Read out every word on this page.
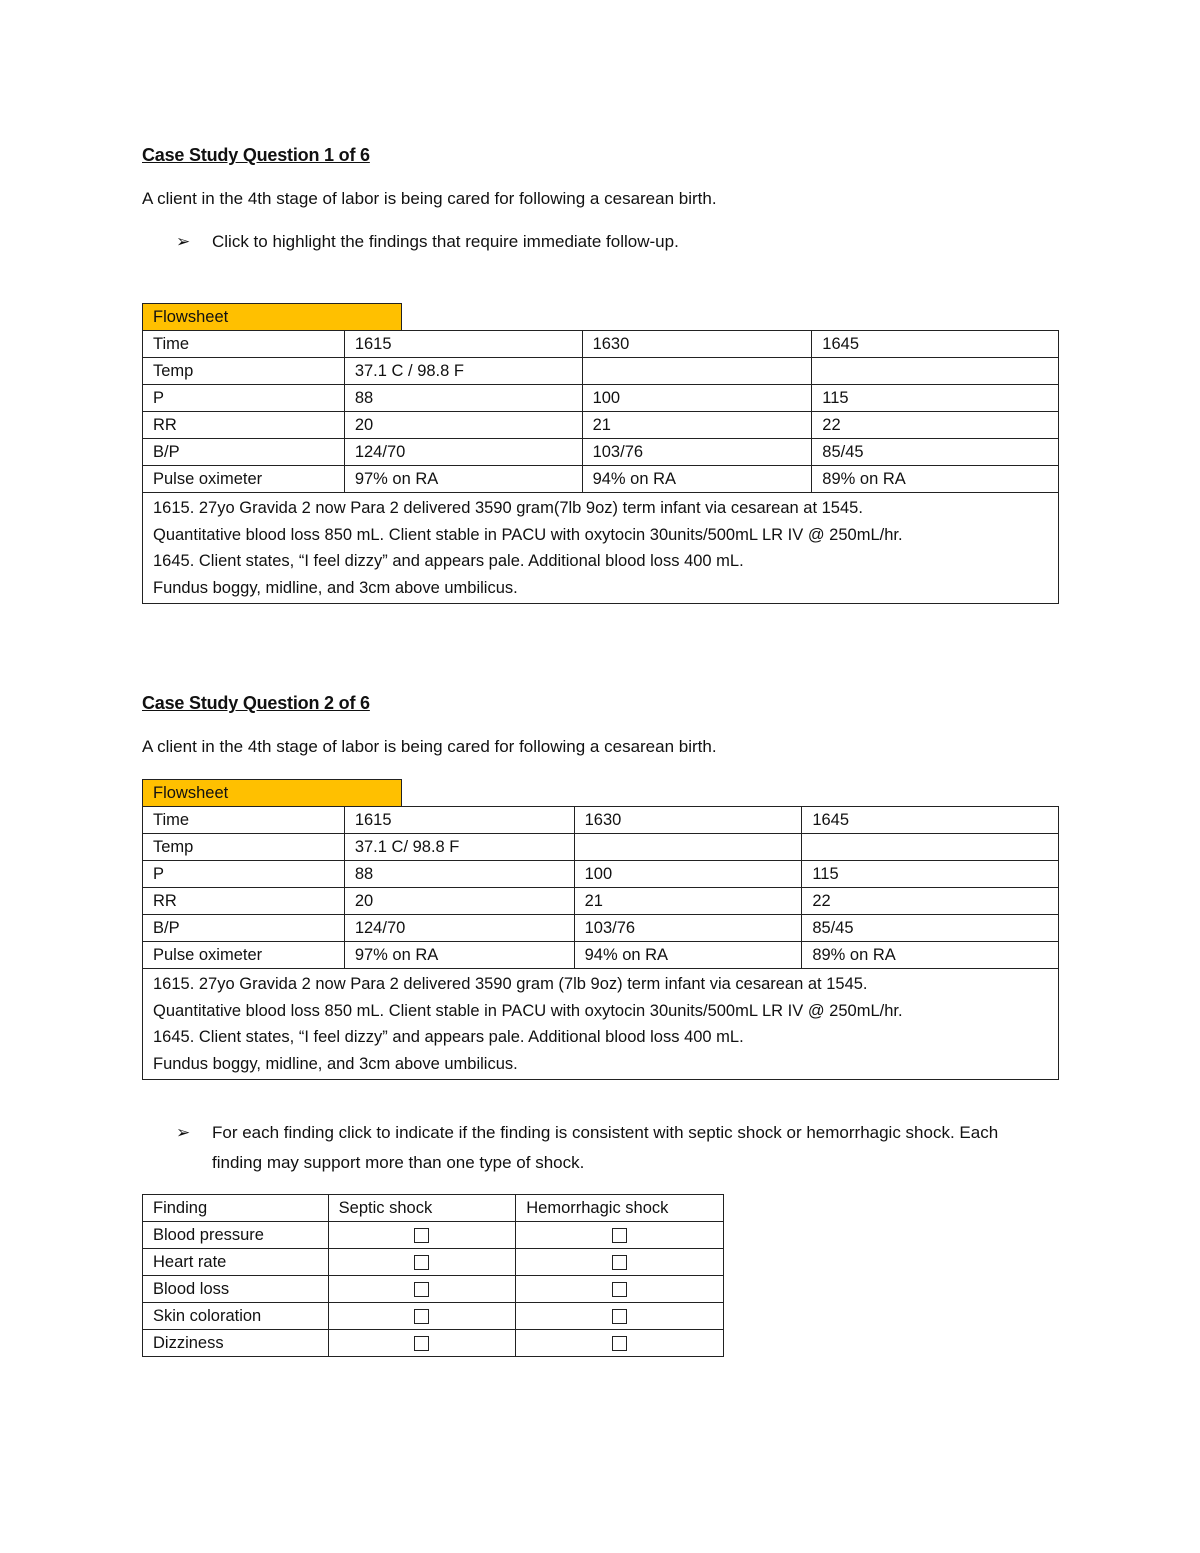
Case Study Question 1 of 6
A client in the 4th stage of labor is being cared for following a cesarean birth.
➢ Click to highlight the findings that require immediate follow-up.
Flowsheet
Time	1615	1630	1645
Temp	37.1 C / 98.8 F		
P	88	100	115
RR	20	21	22
B/P	124/70	103/76	85/45
Pulse oximeter	97% on RA	94% on RA	89% on RA

1615. 27yo Gravida 2 now Para 2 delivered 3590 gram(7lb 9oz) term infant via cesarean at 1545.
Quantitative blood loss 850 mL. Client stable in PACU with oxytocin 30units/500mL LR IV @ 250mL/hr.
1645. Client states, “I feel dizzy” and appears pale. Additional blood loss 400 mL.
Fundus boggy, midline, and 3cm above umbilicus.			
Case Study Question 2 of 6
A client in the 4th stage of labor is being cared for following a cesarean birth.
Flowsheet
Time	1615	1630	1645
Temp	37.1 C/ 98.8 F		
P	88	100	115
RR	20	21	22
B/P	124/70	103/76	85/45
Pulse oximeter	97% on RA	94% on RA	89% on RA

1615. 27yo Gravida 2 now Para 2 delivered 3590 gram (7lb 9oz) term infant via cesarean at 1545.
Quantitative blood loss 850 mL. Client stable in PACU with oxytocin 30units/500mL LR IV @ 250mL/hr.
1645. Client states, “I feel dizzy” and appears pale. Additional blood loss 400 mL.
Fundus boggy, midline, and 3cm above umbilicus.			
➢ For each finding click to indicate if the finding is consistent with septic shock or hemorrhagic shock. Each finding may support more than one type of shock.
Finding	Septic shock	Hemorrhagic shock
Blood pressure		
Heart rate		
Blood loss		
Skin coloration		
Dizziness		
